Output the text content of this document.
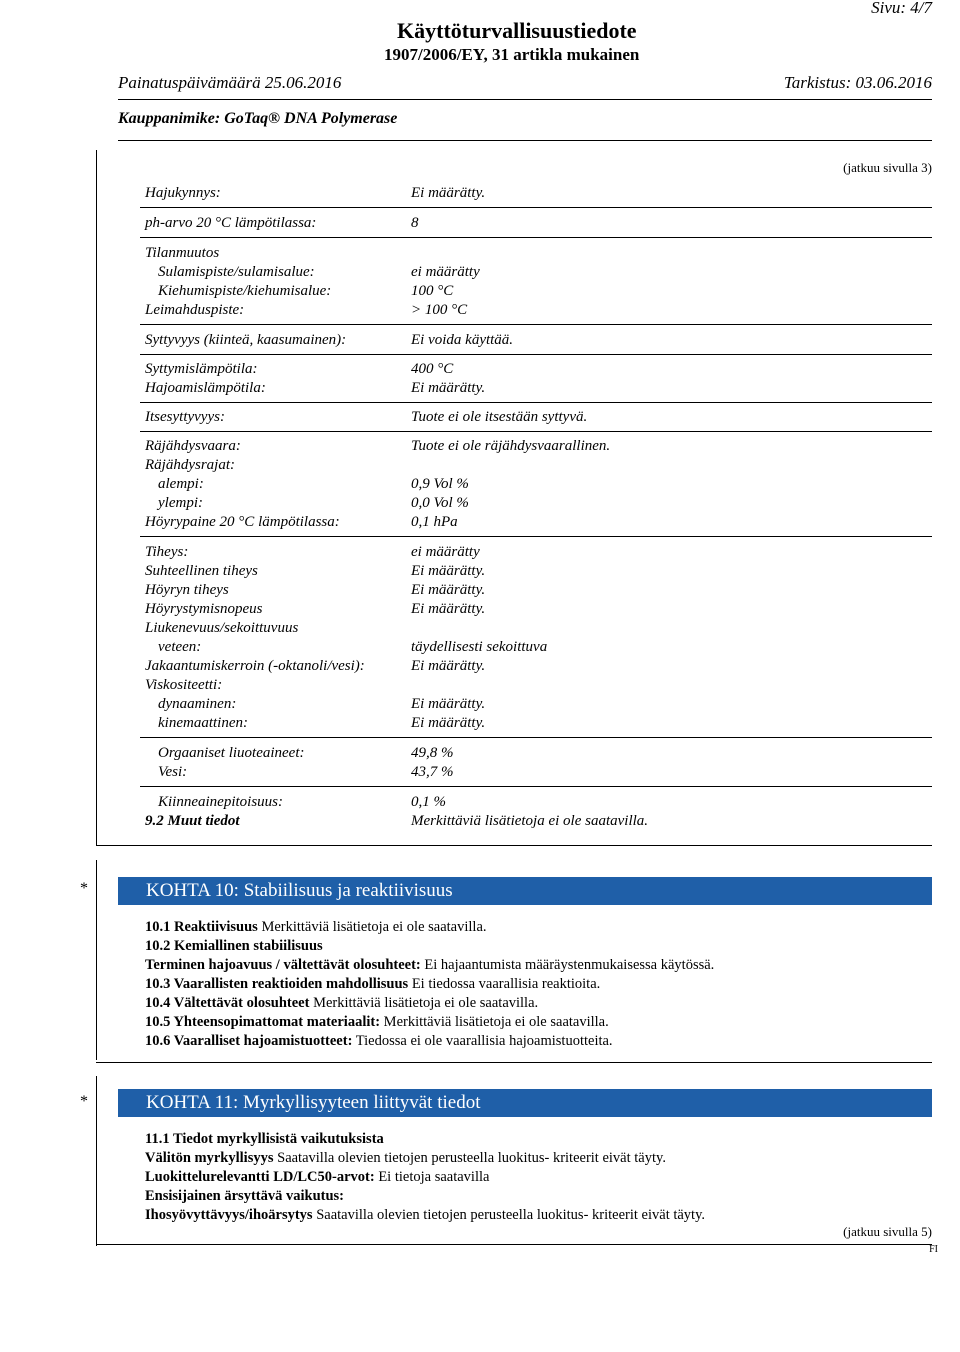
Sivu: 4/7
Käyttöturvallisuustiedote
1907/2006/EY, 31 artikla mukainen
Painatuspäivämäärä 25.06.2016	Tarkistus: 03.06.2016
Kauppanimike: GoTaq® DNA Polymerase
(jatkuu sivulla 3)
Hajukynnys:	Ei määrätty.
ph-arvo 20 °C lämpötilassa:	8
Tilanmuutos
Sulamispiste/sulamisalue:	ei määrätty
Kiehumispiste/kiehumisalue:	100 °C
Leimahduspiste:	> 100 °C
Syttyvyys (kiinteä, kaasumainen):	Ei voida käyttää.
Syttymislämpötila:	400 °C
Hajoamislämpötila:	Ei määrätty.
Itsesyttyvyys:	Tuote ei ole itsestään syttyvä.
Räjähdysvaara:	Tuote ei ole räjähdysvaarallinen.
Räjähdysrajat:
alempi:	0,9 Vol %
ylempi:	0,0 Vol %
Höyrypaine 20 °C lämpötilassa:	0,1 hPa
Tiheys:	ei määrätty
Suhteellinen tiheys	Ei määrätty.
Höyryn tiheys	Ei määrätty.
Höyrystymisnopeus	Ei määrätty.
Liukenevuus/sekoittuvuus
veteen:	täydellisesti sekoittuva
Jakaantumiskerroin (-oktanoli/vesi):	Ei määrätty.
Viskositeetti:
dynaaminen:	Ei määrätty.
kinemaattinen:	Ei määrätty.
Orgaaniset liuoteaineet:	49,8 %
Vesi:	43,7 %
Kiinneainepitoisuus:	0,1 %
9.2 Muut tiedot	Merkittäviä lisätietoja ei ole saatavilla.
*	KOHTA 10: Stabiilisuus ja reaktiivisuus
10.1 Reaktiivisuus Merkittäviä lisätietoja ei ole saatavilla.
10.2 Kemiallinen stabiilisuus
Terminen hajoavuus / vältettävät olosuhteet: Ei hajaantumista määräystenmukaisessa käytössä.
10.3 Vaarallisten reaktioiden mahdollisuus Ei tiedossa vaarallisia reaktioita.
10.4 Vältettävät olosuhteet Merkittäviä lisätietoja ei ole saatavilla.
10.5 Yhteensopimattomat materiaalit: Merkittäviä lisätietoja ei ole saatavilla.
10.6 Vaaralliset hajoamistuotteet: Tiedossa ei ole vaarallisia hajoamistuotteita.
*	KOHTA 11: Myrkyllisyyteen liittyvät tiedot
11.1 Tiedot myrkyllisistä vaikutuksista
Välitön myrkyllisyys Saatavilla olevien tietojen perusteella luokitus- kriteerit eivät täyty.
Luokittelurelevantti LD/LC50-arvot: Ei tietoja saatavilla
Ensisijainen ärsyttävä vaikutus:
Ihosyövyttävyys/ihoärsytys Saatavilla olevien tietojen perusteella luokitus- kriteerit eivät täyty.
(jatkuu sivulla 5)
FI
